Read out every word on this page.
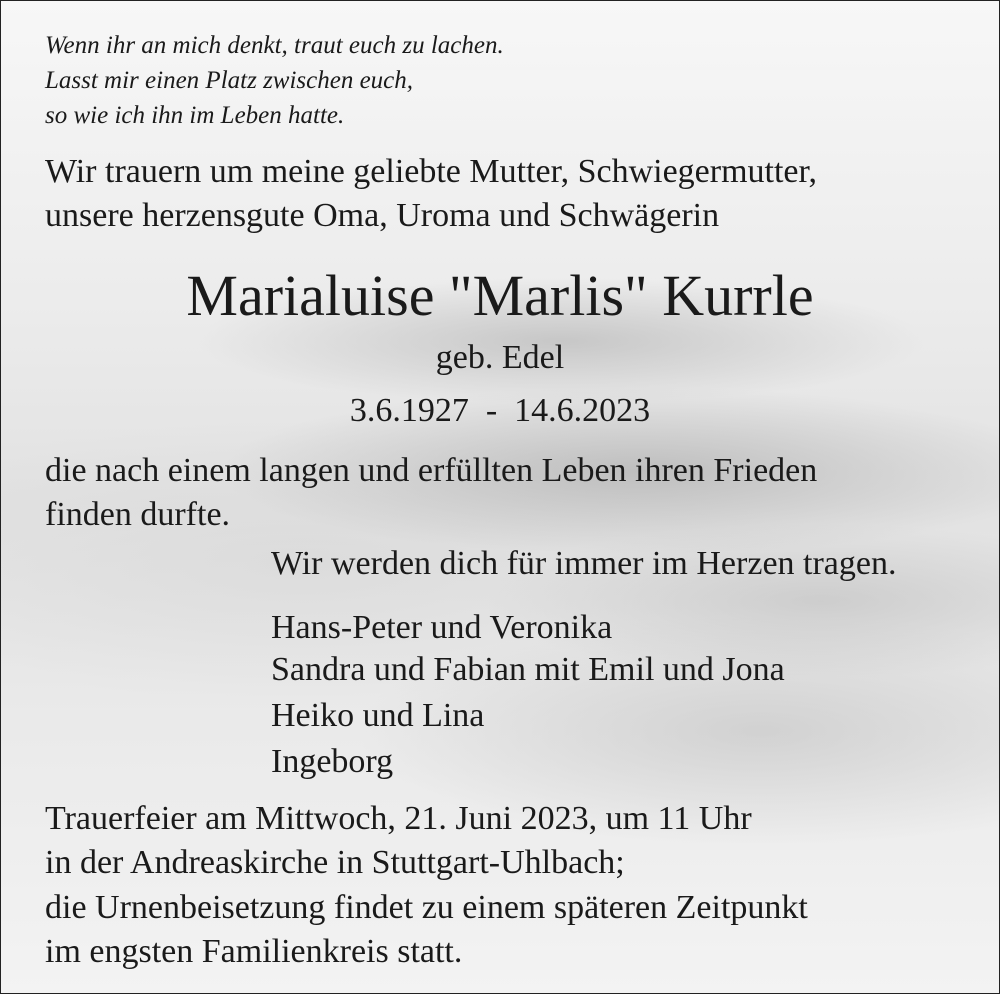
Wenn ihr an mich denkt, traut euch zu lachen.

Lasst mir einen Platz zwischen euch,

so wie ich ihn im Leben hatte.

Wir trauern um meine geliebte Mutter, Schwiegermutter,

unsere herzensgute Oma, Uroma und Schwägerin

Marialuise "Marlis" Kurrle

geb. Edel

3.6.1927  -  14.6.2023

die nach einem langen und erfüllten Leben ihren Frieden

finden durfte.

Wir werden dich für immer im Herzen tragen.

Hans-Peter und Veronika

Sandra und Fabian mit Emil und Jona

Heiko und Lina

Ingeborg

Trauerfeier am Mittwoch, 21. Juni 2023, um 11 Uhr

in der Andreaskirche in Stuttgart-Uhlbach;

die Urnenbeisetzung findet zu einem späteren Zeitpunkt

im engsten Familienkreis statt.
